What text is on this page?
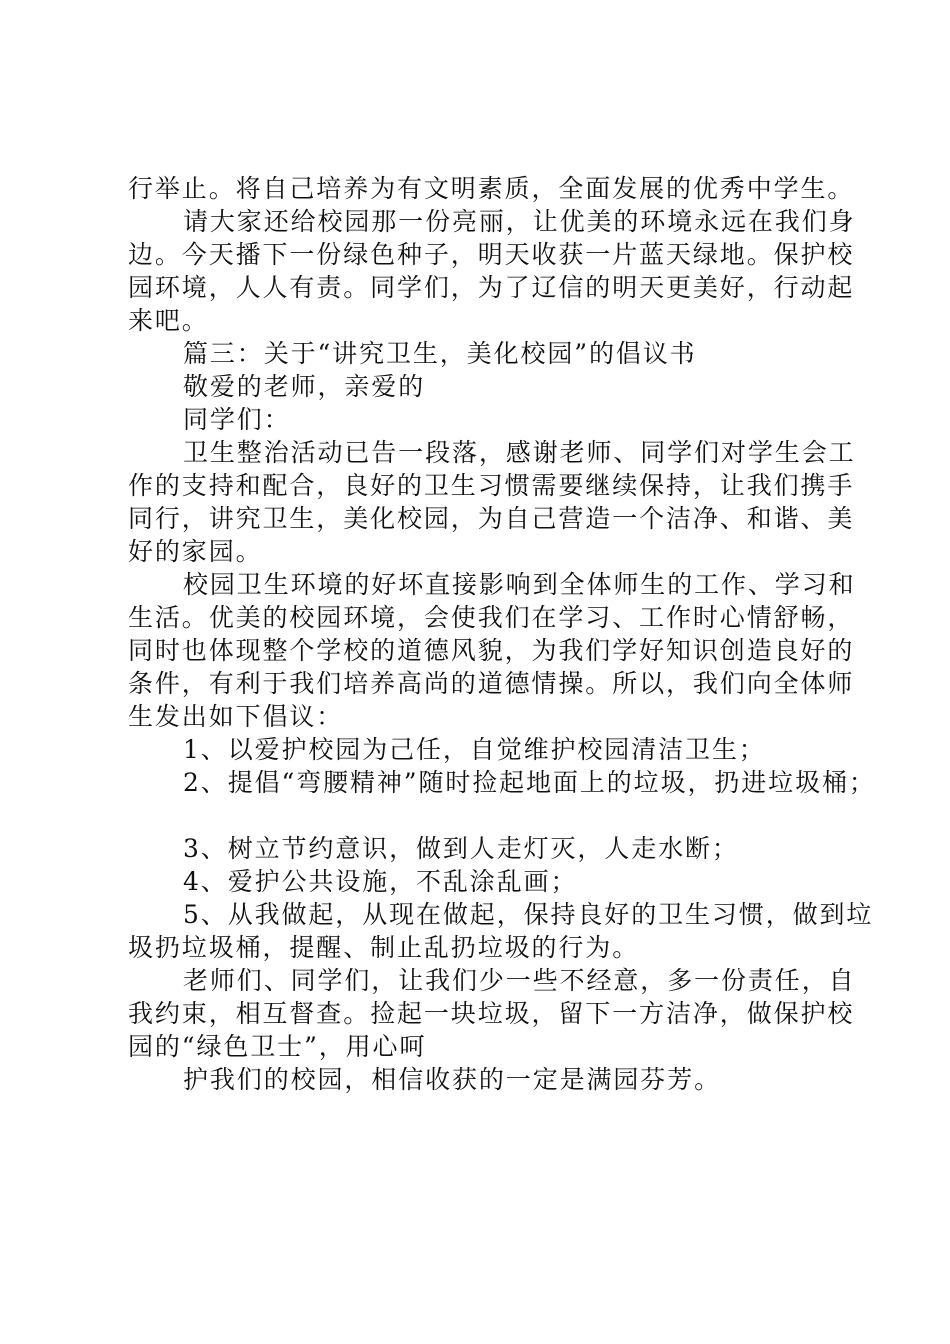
行举止。将自己培养为有文明素质，全面发展的优秀中学生。
请大家还给校园那一份亮丽，让优美的环境永远在我们身
边。今天播下一份绿色种子，明天收获一片蓝天绿地。保护校
园环境，人人有责。同学们，为了辽信的明天更美好，行动起
来吧。
篇三：关于“讲究卫生，美化校园”的倡议书
敬爱的老师，亲爱的
同学们：
卫生整治活动已告一段落，感谢老师、同学们对学生会工
作的支持和配合，良好的卫生习惯需要继续保持，让我们携手
同行，讲究卫生，美化校园，为自己营造一个洁净、和谐、美
好的家园。
校园卫生环境的好坏直接影响到全体师生的工作、学习和
生活。优美的校园环境，会使我们在学习、工作时心情舒畅，
同时也体现整个学校的道德风貌，为我们学好知识创造良好的
条件，有利于我们培养高尚的道德情操。所以，我们向全体师
生发出如下倡议：
1、以爱护校园为己任，自觉维护校园清洁卫生；
2、提倡“弯腰精神”随时捡起地面上的垃圾，扔进垃圾桶；
3、树立节约意识，做到人走灯灭，人走水断；
4、爱护公共设施，不乱涂乱画；
5、从我做起，从现在做起，保持良好的卫生习惯，做到垃
圾扔垃圾桶，提醒、制止乱扔垃圾的行为。
老师们、同学们，让我们少一些不经意，多一份责任，自
我约束，相互督查。捡起一块垃圾，留下一方洁净，做保护校
园的“绿色卫士”，用心呵
护我们的校园，相信收获的一定是满园芬芳。
